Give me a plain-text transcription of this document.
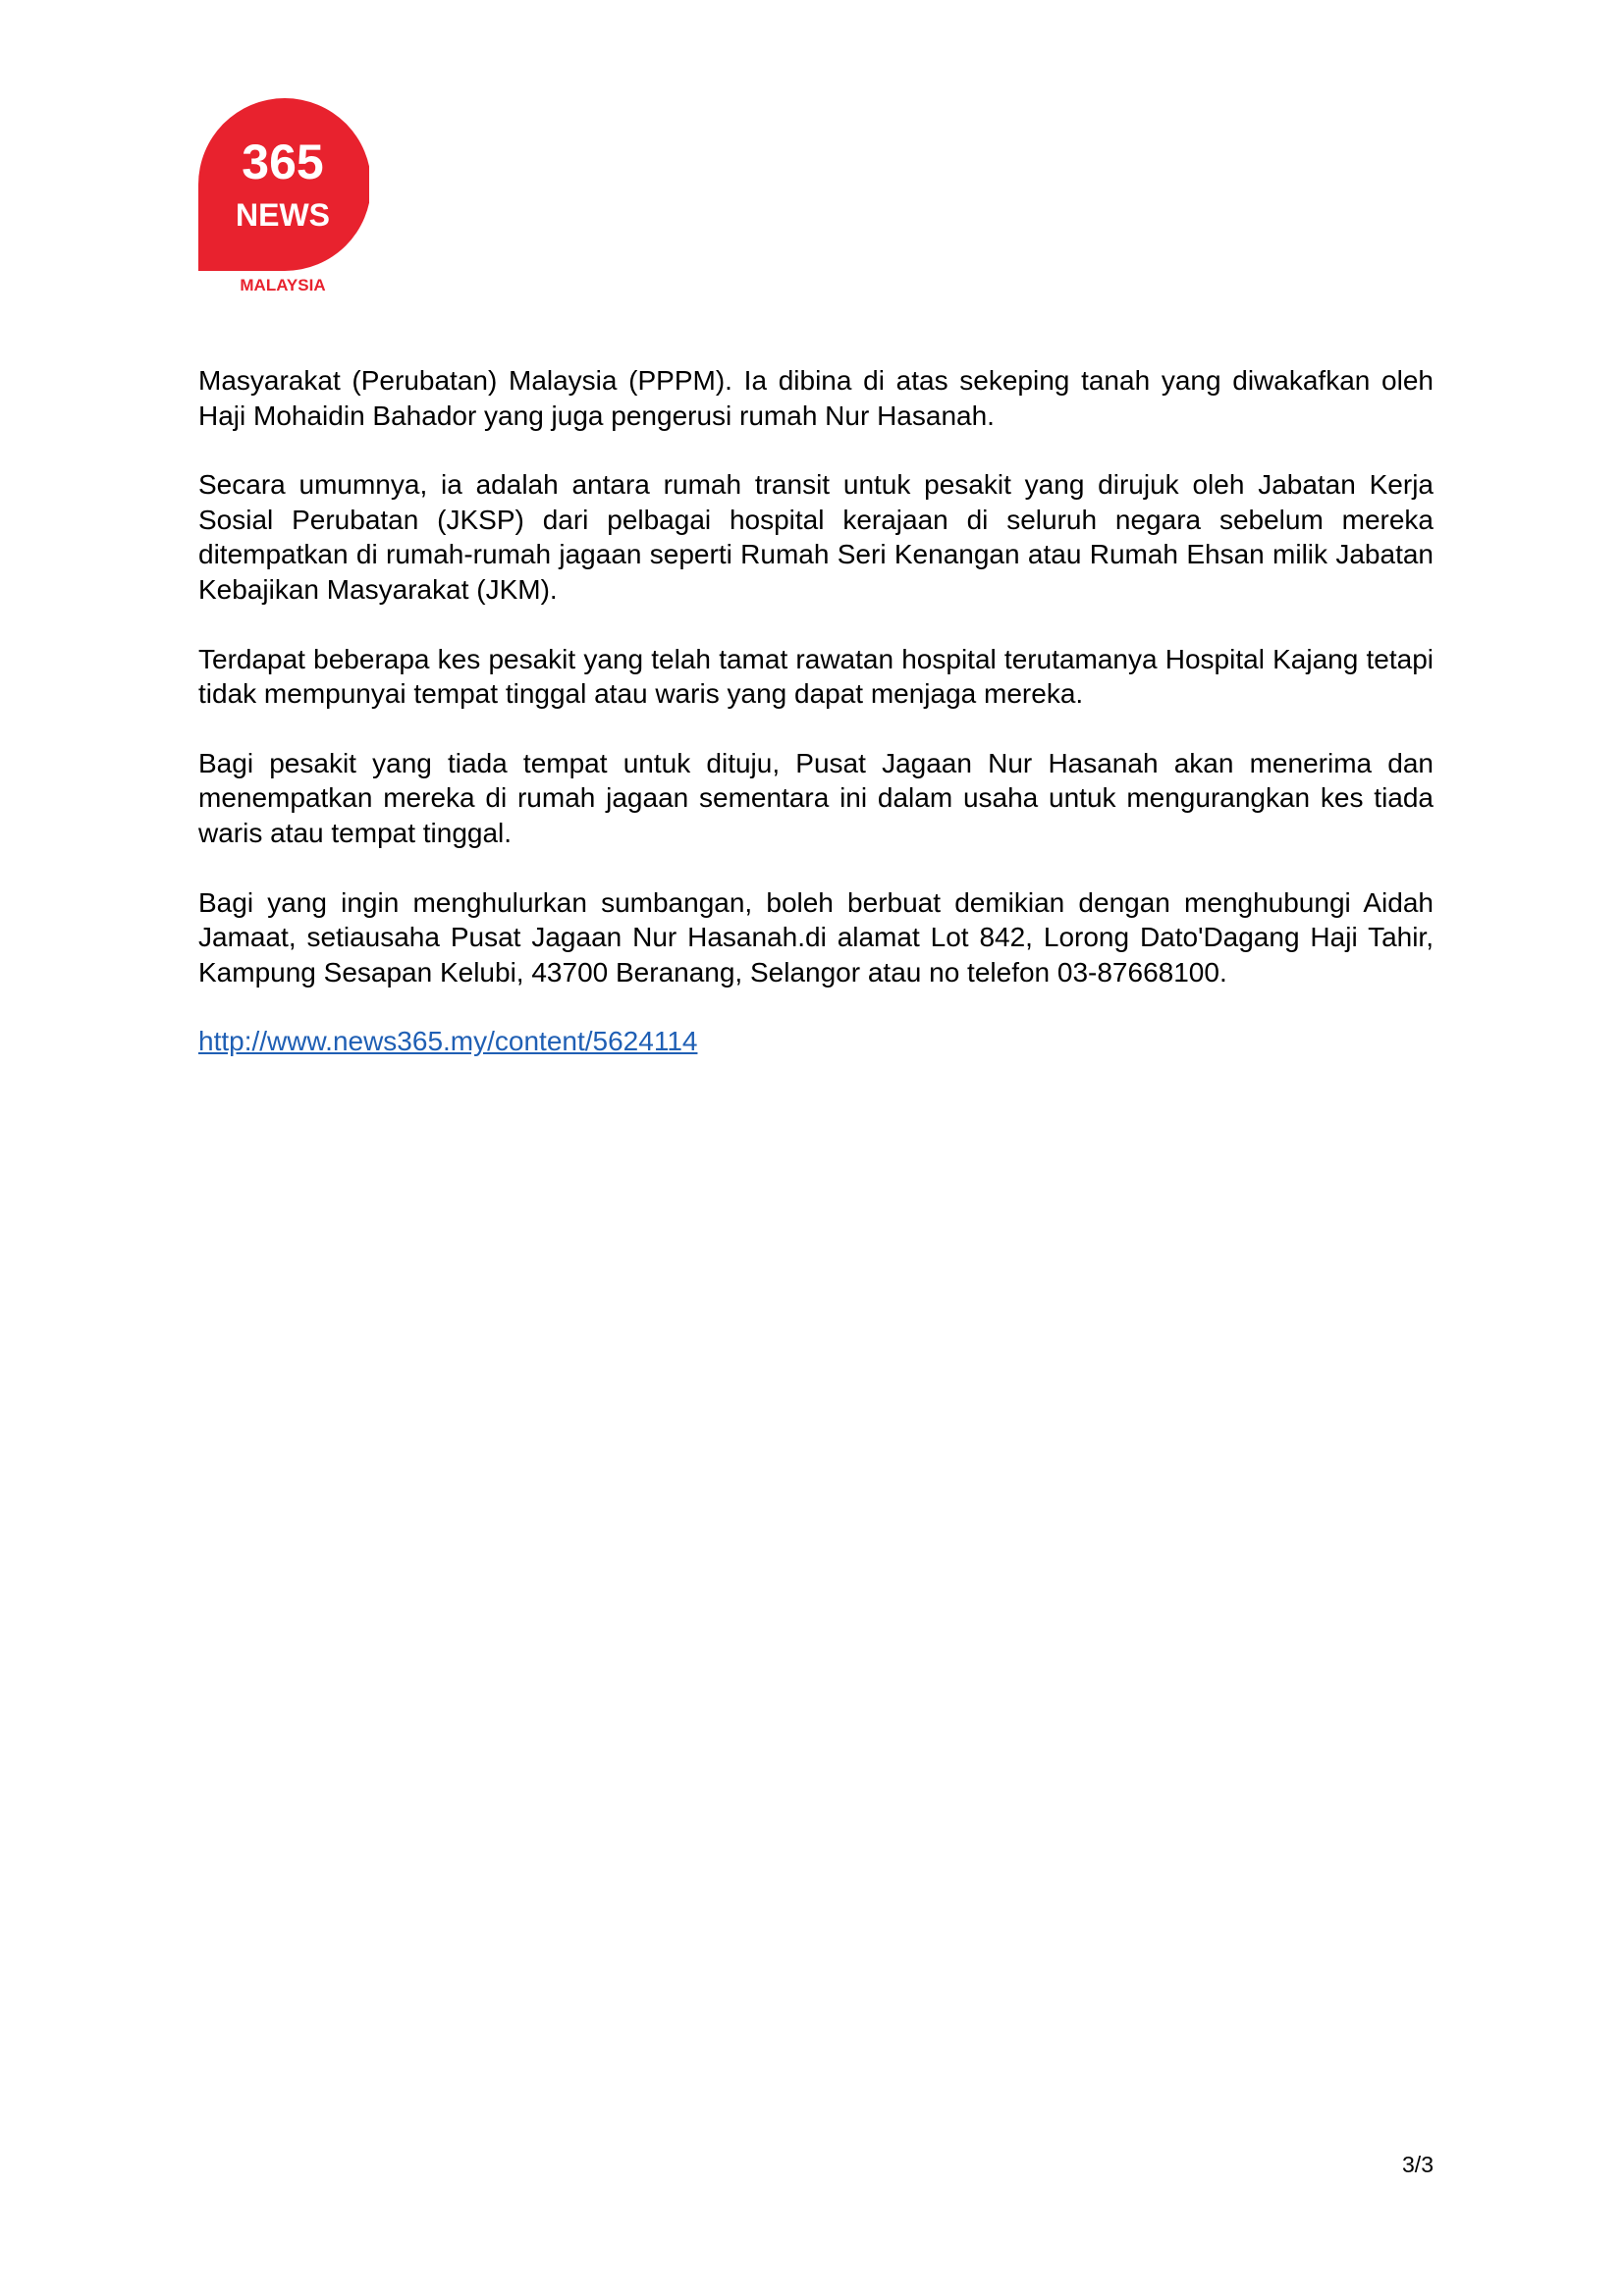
365
NEWS
MALAYSIA

Masyarakat (Perubatan) Malaysia (PPPM). Ia dibina di atas sekeping tanah yang diwakafkan oleh Haji Mohaidin Bahador yang juga pengerusi rumah Nur Hasanah.

Secara umumnya, ia adalah antara rumah transit untuk pesakit yang dirujuk oleh Jabatan Kerja Sosial Perubatan (JKSP) dari pelbagai hospital kerajaan di seluruh negara sebelum mereka ditempatkan di rumah-rumah jagaan seperti Rumah Seri Kenangan atau Rumah Ehsan milik Jabatan Kebajikan Masyarakat (JKM).

Terdapat beberapa kes pesakit yang telah tamat rawatan hospital terutamanya Hospital Kajang tetapi tidak mempunyai tempat tinggal atau waris yang dapat menjaga mereka.

Bagi pesakit yang tiada tempat untuk dituju, Pusat Jagaan Nur Hasanah akan menerima dan menempatkan mereka di rumah jagaan sementara ini dalam usaha untuk mengurangkan kes tiada waris atau tempat tinggal.

Bagi yang ingin menghulurkan sumbangan, boleh berbuat demikian dengan menghubungi Aidah Jamaat, setiausaha Pusat Jagaan Nur Hasanah.di alamat Lot 842, Lorong Dato'Dagang Haji Tahir, Kampung Sesapan Kelubi, 43700 Beranang, Selangor atau no telefon 03-87668100.

http://www.news365.my/content/5624114
3/3
